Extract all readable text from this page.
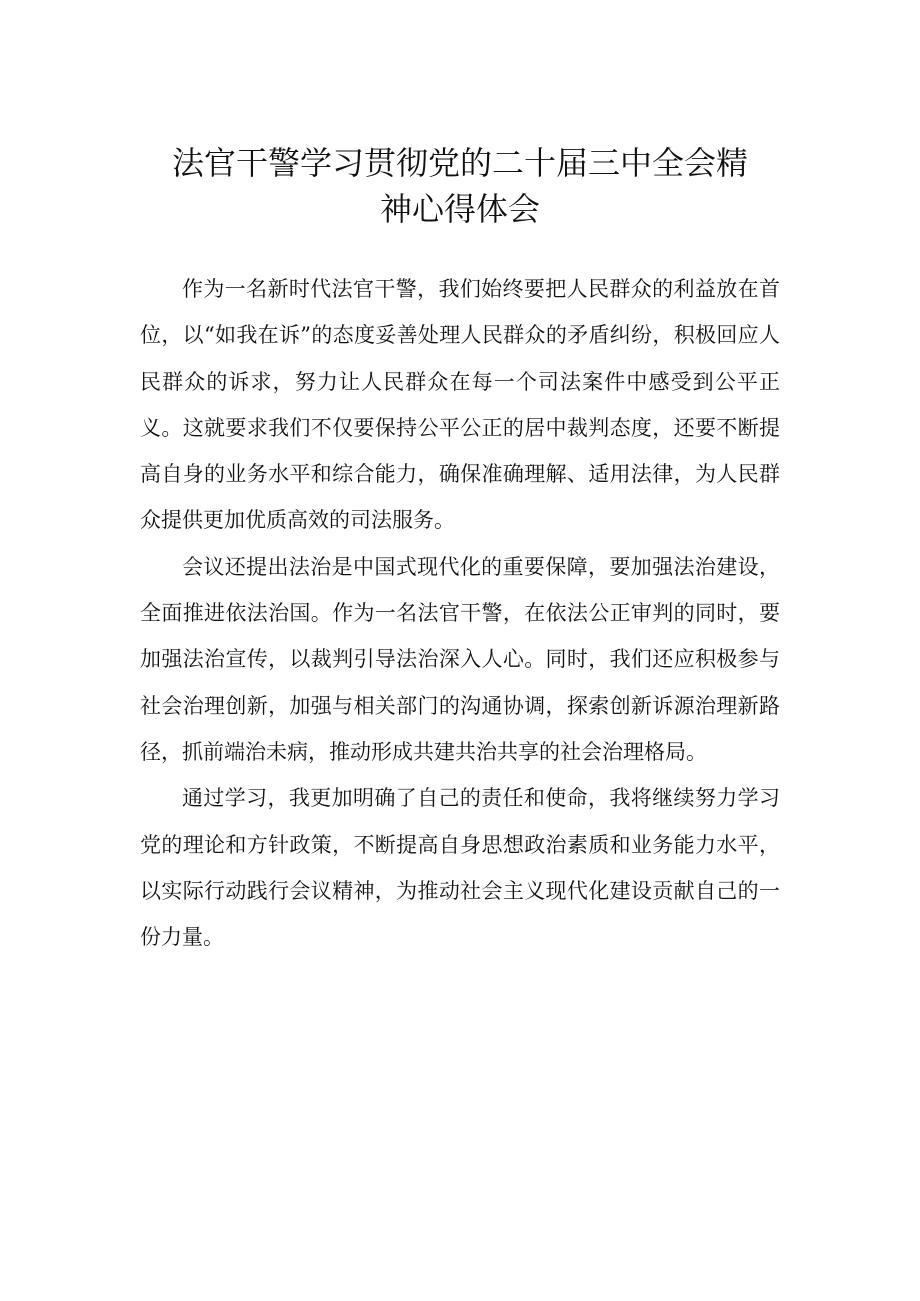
法官干警学习贯彻党的二十届三中全会精
神心得体会

作为一名新时代法官干警，我们始终要把人民群众的利益放在首位，以“如我在诉”的态度妥善处理人民群众的矛盾纠纷，积极回应人民群众的诉求，努力让人民群众在每一个司法案件中感受到公平正义。这就要求我们不仅要保持公平公正的居中裁判态度，还要不断提高自身的业务水平和综合能力，确保准确理解、适用法律，为人民群众提供更加优质高效的司法服务。

会议还提出法治是中国式现代化的重要保障，要加强法治建设，全面推进依法治国。作为一名法官干警，在依法公正审判的同时，要加强法治宣传，以裁判引导法治深入人心。同时，我们还应积极参与社会治理创新，加强与相关部门的沟通协调，探索创新诉源治理新路径，抓前端治未病，推动形成共建共治共享的社会治理格局。

通过学习，我更加明确了自己的责任和使命，我将继续努力学习党的理论和方针政策，不断提高自身思想政治素质和业务能力水平，以实际行动践行会议精神，为推动社会主义现代化建设贡献自己的一份力量。
